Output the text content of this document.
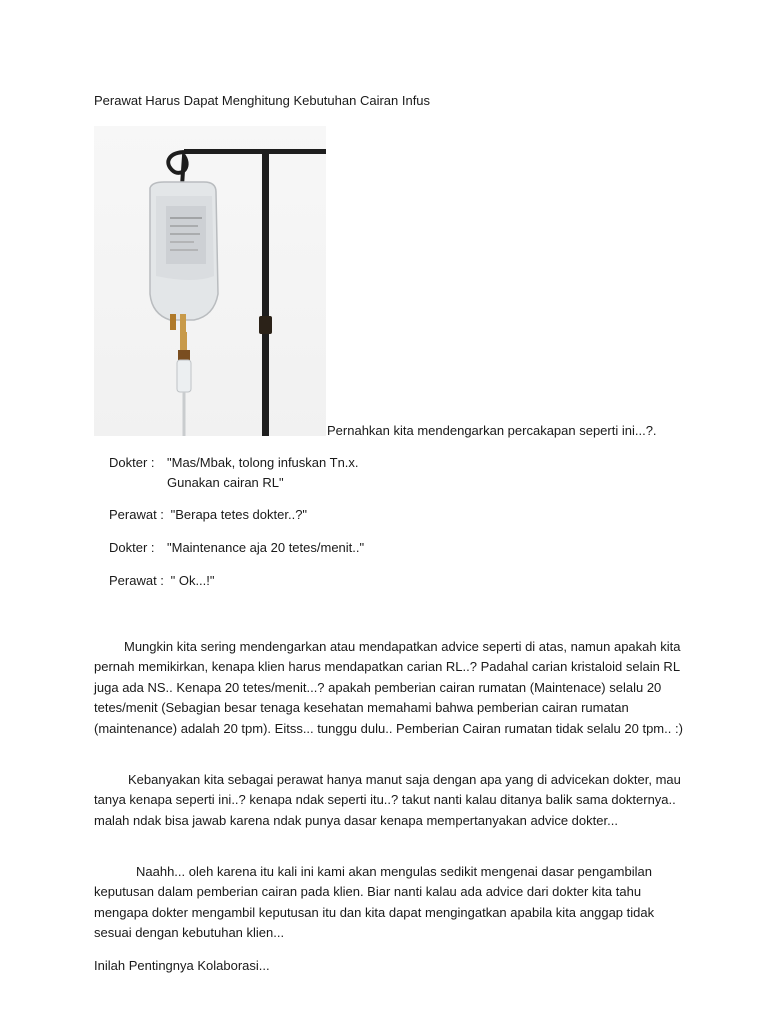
Perawat Harus Dapat Menghitung Kebutuhan Cairan Infus
Pernahkan kita mendengarkan percakapan seperti ini...?.
Dokter : "Mas/Mbak, tolong infuskan Tn.x.
Gunakan cairan RL"
Perawat : "Berapa tetes dokter..?"
Dokter : "Maintenance aja 20 tetes/menit.."
Perawat : " Ok...!"

Mungkin kita sering mendengarkan atau mendapatkan advice seperti di atas, namun apakah kita pernah memikirkan, kenapa klien harus mendapatkan carian RL..? Padahal carian kristaloid selain RL juga ada NS.. Kenapa 20 tetes/menit...? apakah pemberian cairan rumatan (Maintenace) selalu 20 tetes/menit (Sebagian besar tenaga kesehatan memahami bahwa pemberian cairan rumatan (maintenance) adalah 20 tpm). Eitss... tunggu dulu.. Pemberian Cairan rumatan tidak selalu 20 tpm.. :)

Kebanyakan kita sebagai perawat hanya manut saja dengan apa yang di advicekan dokter, mau tanya kenapa seperti ini..? kenapa ndak seperti itu..? takut nanti kalau ditanya balik sama dokternya.. malah ndak bisa jawab karena ndak punya dasar kenapa mempertanyakan advice dokter...

Naahh... oleh karena itu kali ini kami akan mengulas sedikit mengenai dasar pengambilan keputusan dalam pemberian cairan pada klien. Biar nanti kalau ada advice dari dokter kita tahu mengapa dokter mengambil keputusan itu dan kita dapat mengingatkan apabila kita anggap tidak sesuai dengan kebutuhan klien...

Inilah Pentingnya Kolaborasi...
